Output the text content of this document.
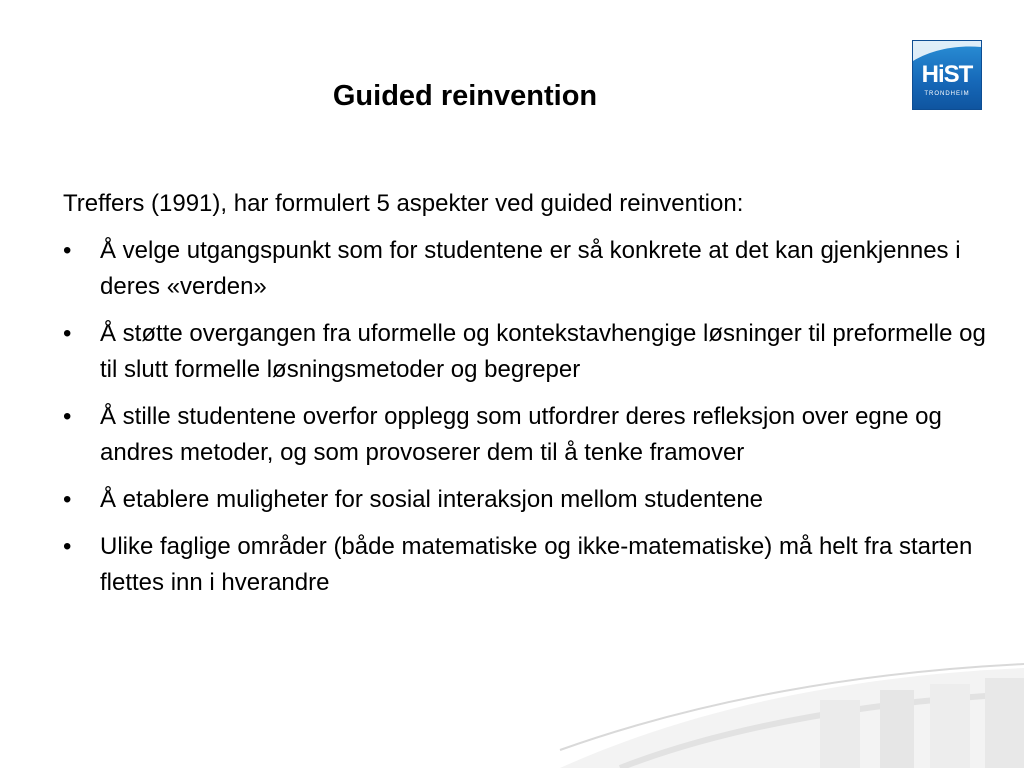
Guided reinvention
HiST
TRONDHEIM
Treffers (1991), har formulert 5 aspekter ved guided reinvention:
• Å velge utgangspunkt som for studentene er så konkrete at det kan gjenkjennes i deres «verden»
• Å støtte overgangen fra uformelle og kontekstavhengige løsninger til preformelle og til slutt formelle løsningsmetoder og begreper
• Å stille studentene overfor opplegg som utfordrer deres refleksjon over egne og andres metoder, og som provoserer dem til å tenke framover
• Å etablere muligheter for sosial interaksjon mellom studentene
• Ulike faglige områder (både matematiske og ikke-matematiske) må helt fra starten flettes inn i hverandre
